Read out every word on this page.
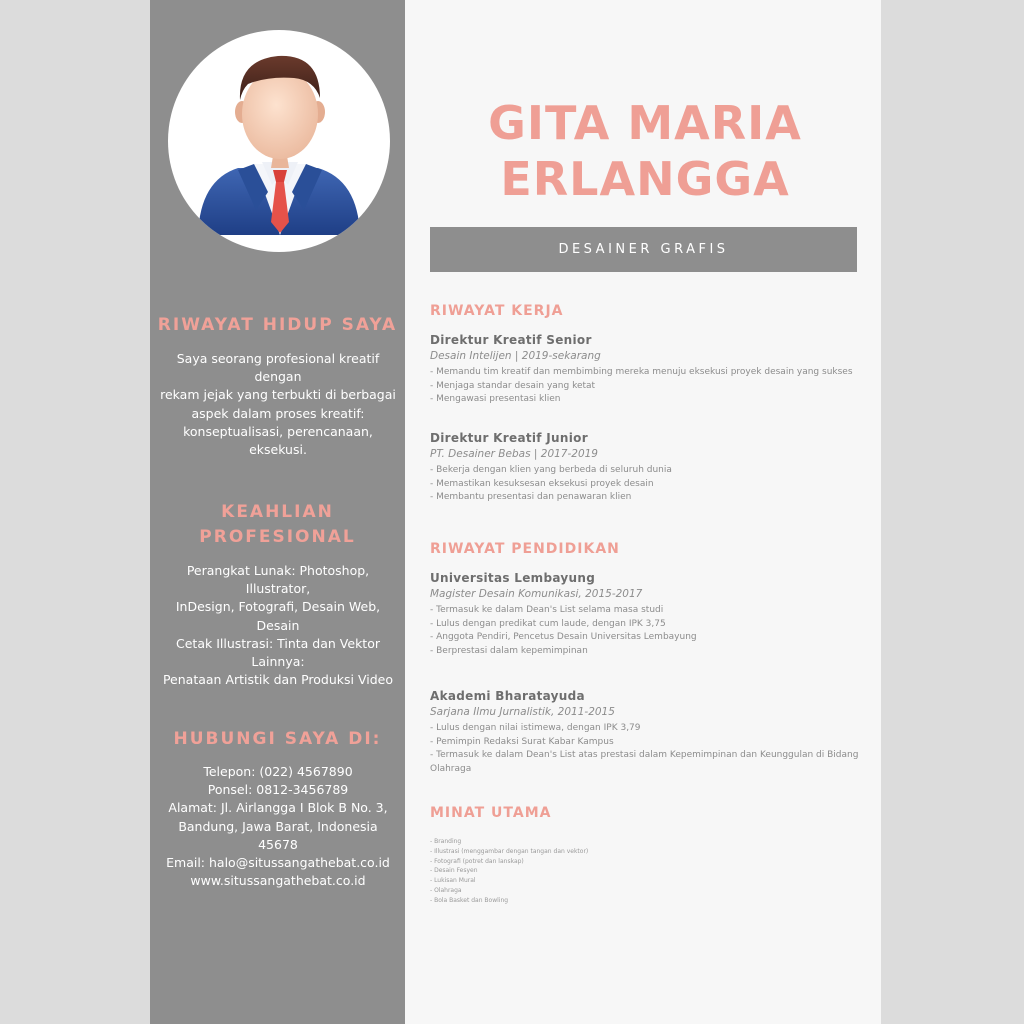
RIWAYAT HIDUP SAYA
Saya seorang profesional kreatif dengan
rekam jejak yang terbukti di berbagai
aspek dalam proses kreatif:
konseptualisasi, perencanaan, eksekusi.
KEAHLIAN
PROFESIONAL
Perangkat Lunak: Photoshop, Illustrator,
InDesign, Fotografi, Desain Web, Desain
Cetak Illustrasi: Tinta dan Vektor Lainnya:
Penataan Artistik dan Produksi Video
HUBUNGI SAYA DI:
Telepon: (022) 4567890
Ponsel: 0812-3456789
Alamat: Jl. Airlangga I Blok B No. 3,
Bandung, Jawa Barat, Indonesia 45678
Email: halo@situssangathebat.co.id
www.situssangathebat.co.id
GITA MARIA
ERLANGGA
DESAINER GRAFIS
RIWAYAT KERJA
Direktur Kreatif Senior
Desain Intelijen | 2019-sekarang
- Memandu tim kreatif dan membimbing mereka menuju eksekusi proyek desain yang sukses
- Menjaga standar desain yang ketat
- Mengawasi presentasi klien
Direktur Kreatif Junior
PT. Desainer Bebas | 2017-2019
- Bekerja dengan klien yang berbeda di seluruh dunia
- Memastikan kesuksesan eksekusi proyek desain
- Membantu presentasi dan penawaran klien
RIWAYAT PENDIDIKAN
Universitas Lembayung
Magister Desain Komunikasi, 2015-2017
- Termasuk ke dalam Dean's List selama masa studi
- Lulus dengan predikat cum laude, dengan IPK 3,75
- Anggota Pendiri, Pencetus Desain Universitas Lembayung
- Berprestasi dalam kepemimpinan
Akademi Bharatayuda
Sarjana Ilmu Jurnalistik, 2011-2015
- Lulus dengan nilai istimewa, dengan IPK 3,79
- Pemimpin Redaksi Surat Kabar Kampus
- Termasuk ke dalam Dean's List atas prestasi dalam Kepemimpinan dan Keunggulan di Bidang Olahraga
MINAT UTAMA
- Branding
- Illustrasi (menggambar dengan tangan dan vektor)
- Fotografi (potret dan lanskap)
- Desain Fesyen
- Lukisan Mural
- Olahraga
- Bola Basket dan Bowling
